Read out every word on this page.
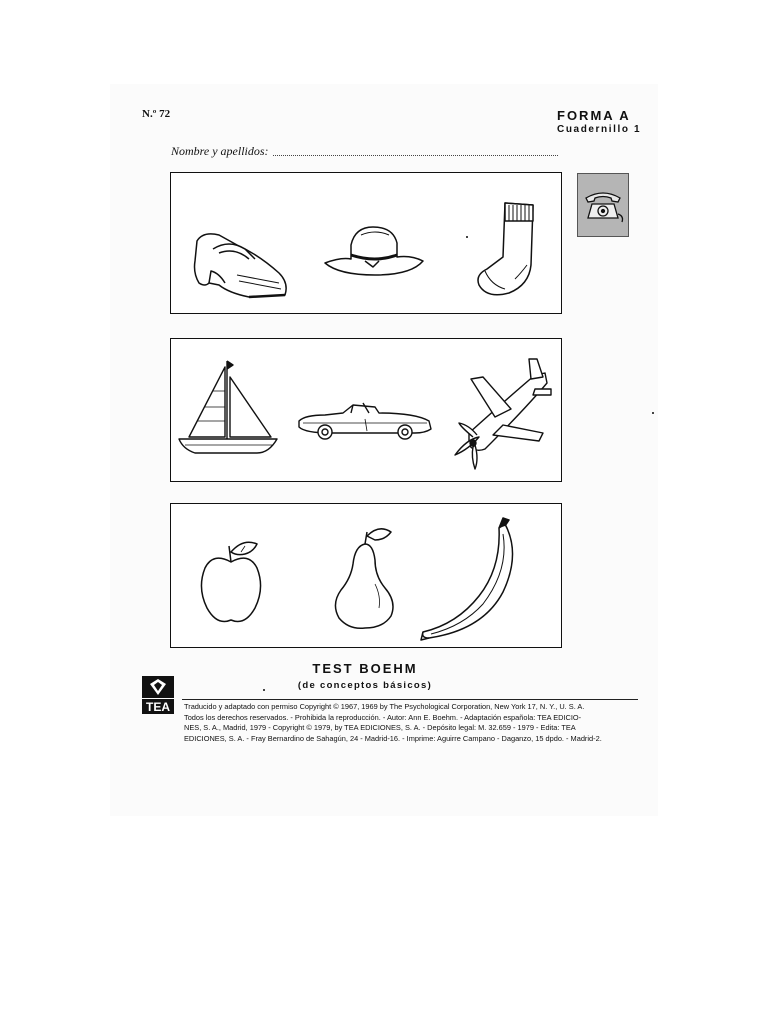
N.º 72	FORMA A
Cuadernillo 1
Nombre y apellidos:
TEST BOEHM
(de conceptos básicos)
TEA Traducido y adaptado con permiso Copyright © 1967, 1969 by The Psychological Corporation, New York 17, N. Y., U. S. A.
Todos los derechos reservados. - Prohibida la reproducción. - Autor: Ann E. Boehm. - Adaptación española: TEA EDICIO-
NES, S. A., Madrid, 1979 - Copyright © 1979, by TEA EDICIONES, S. A. - Depósito legal: M. 32.659 - 1979 - Edita: TEA
EDICIONES, S. A. - Fray Bernardino de Sahagún, 24 - Madrid-16. - Imprime: Aguirre Campano - Daganzo, 15 dpdo. - Madrid-2.
